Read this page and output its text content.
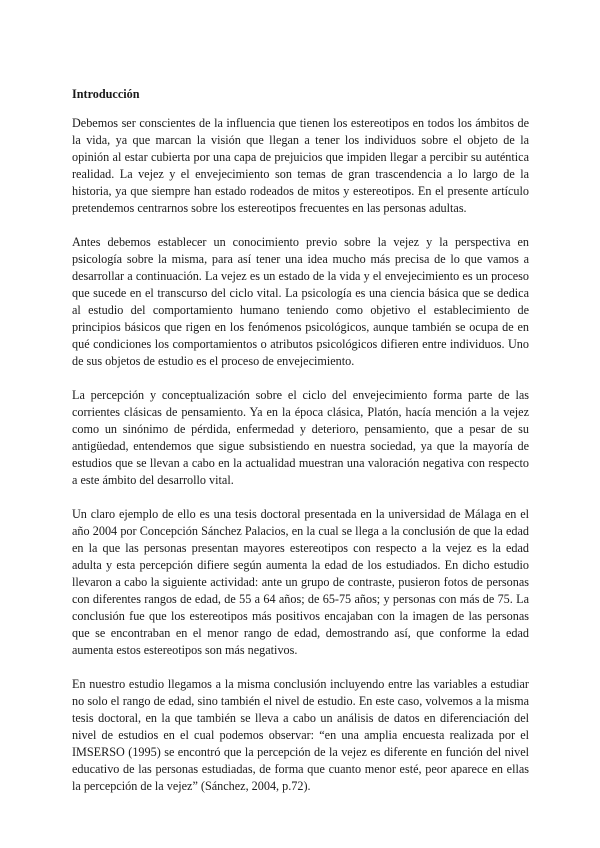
Introducción

Debemos ser conscientes de la influencia que tienen los estereotipos en todos los ámbitos de la vida, ya que marcan la visión que llegan a tener los individuos sobre el objeto de la opinión al estar cubierta por una capa de prejuicios que impiden llegar a percibir su auténtica realidad. La vejez y el envejecimiento son temas de gran trascendencia a lo largo de la historia, ya que siempre han estado rodeados de mitos y estereotipos. En el presente artículo pretendemos centrarnos sobre los estereotipos frecuentes en las personas adultas.

Antes debemos establecer un conocimiento previo sobre la vejez y la perspectiva en psicología sobre la misma, para así tener una idea mucho más precisa de lo que vamos a desarrollar a continuación. La vejez es un estado de la vida y el envejecimiento es un proceso que sucede en el transcurso del ciclo vital. La psicología es una ciencia básica que se dedica al estudio del comportamiento humano teniendo como objetivo el establecimiento de principios básicos que rigen en los fenómenos psicológicos, aunque también se ocupa de en qué condiciones los comportamientos o atributos psicológicos difieren entre individuos. Uno de sus objetos de estudio es el proceso de envejecimiento.

La percepción y conceptualización sobre el ciclo del envejecimiento forma parte de las corrientes clásicas de pensamiento. Ya en la época clásica, Platón, hacía mención a la vejez como un sinónimo de pérdida, enfermedad y deterioro, pensamiento, que a pesar de su antigüedad, entendemos que sigue subsistiendo en nuestra sociedad, ya que la mayoría de estudios que se llevan a cabo en la actualidad muestran una valoración negativa con respecto a este ámbito del desarrollo vital.

Un claro ejemplo de ello es una tesis doctoral presentada en la universidad de Málaga en el año 2004 por Concepción Sánchez Palacios, en la cual se llega a la conclusión de que la edad en la que las personas presentan mayores estereotipos con respecto a la vejez es la edad adulta y esta percepción difiere según aumenta la edad de los estudiados. En dicho estudio llevaron a cabo la siguiente actividad: ante un grupo de contraste, pusieron fotos de personas con diferentes rangos de edad, de 55 a 64 años; de 65-75 años; y personas con más de 75. La conclusión fue que los estereotipos más positivos encajaban con la imagen de las personas que se encontraban en el menor rango de edad, demostrando así, que conforme la edad aumenta estos estereotipos son más negativos.

En nuestro estudio llegamos a la misma conclusión incluyendo entre las variables a estudiar no solo el rango de edad, sino también el nivel de estudio. En este caso, volvemos a la misma tesis doctoral, en la que también se lleva a cabo un análisis de datos en diferenciación del nivel de estudios en el cual podemos observar: “en una amplia encuesta realizada por el IMSERSO (1995) se encontró que la percepción de la vejez es diferente en función del nivel educativo de las personas estudiadas, de forma que cuanto menor esté, peor aparece en ellas la percepción de la vejez” (Sánchez, 2004, p.72).
